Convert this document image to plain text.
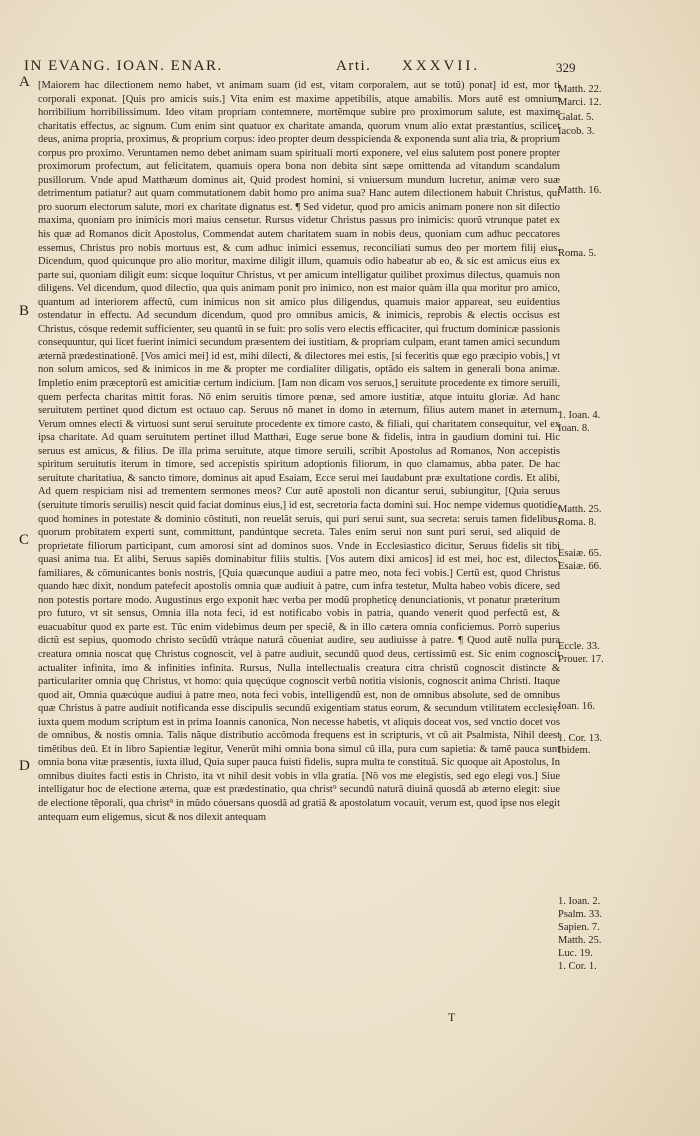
IN EVANG. IOAN. ENAR.	Arti. XXXVII.	329
A
B
C
D

[Maiorem hac dilectionem nemo habet, vt animam suam (id est, vitam corporalem, aut se totũ) ponat] id est, mor ti corporali exponat. [Quis pro amicis suis.] Vita enim est maxime appetibilis, atque amabilis. Mors autẽ est omnium horribilium horribilissimum. Ideo vitam propriam contemnere, mortẽmque subire pro proximorum salute, est maxime charitatis effectus, ac signum. Cum enim sint quatuor ex charitate amanda, quorum vnum alio extat præstantius, scilicet deus, anima propria, proximus, & proprium corpus: ideo propter deum desspicienda & exponenda sunt alia tria, & proprium corpus pro proximo. Veruntamen nemo debet animam suam spirituali morti exponere, vel eius salutem post ponere propter proximorum profectum, aut felicitatem, quamuis opera bona non debita sint sæpe omittenda ad vitandum scandalum pusillorum. Vnde apud Matthæum dominus ait, Quid prodest homini, si vniuersum mundum lucretur, animæ vero suæ detrimentum patiatur? aut quam commutationem dabit homo pro anima sua? Hanc autem dilectionem habuit Christus, qui pro suorum electorum salute, mori ex charitate dignatus est. ¶ Sed videtur, quod pro amicis animam ponere non sit dilectio maxima, quoniam pro inimicis mori maius censetur. Rursus videtur Christus passus pro inimicis: quorũ vtrunque patet ex his quæ ad Romanos dicit Apostolus, Commendat autem charitatem suam in nobis deus, quoniam cum adhuc peccatores essemus, Christus pro nobis mortuus est, & cum adhuc inimici essemus, reconciliati sumus deo per mortem filij eius. Dicendum, quod quicunque pro alio moritur, maxime diligit illum, quamuis odio habeatur ab eo, & sic est amicus eius ex parte sui, quoniam diligit eum: sicque loquitur Christus, vt per amicum intelligatur quilibet proximus dilectus, quamuis non diligens. Vel dicendum, quod dilectio, qua quis animam ponit pro inimico, non est maior quàm illa qua moritur pro amico, quantum ad interiorem affectũ, cum inimicus non sit amico plus diligendus, quamuis maior appareat, seu euidentius ostendatur in effectu. Ad secundum dicendum, quod pro omnibus amicis, & inimicis, reprobis & electis occisus est Christus, cósque redemit sufficienter, seu quantũ in se fuit: pro solis vero electis efficaciter, qui fructum dominicæ passionis consequuntur, qui licet fuerint inimici secundum præsentem dei iustitiam, & propriam culpam, erant tamen amici secundum æternã prædestinationẽ. [Vos amici mei] id est, mihi dilecti, & dilectores mei estis, [si feceritis quæ ego præcipio vobis,] vt non solum amicos, sed & inimicos in me & propter me cordialiter diligatis, optãdo eis saltem in generali bona animæ. Impletio enim præceptorũ est amicitiæ certum indicium. [Iam non dicam vos seruos,] seruitute procedente ex timore seruili, quem perfecta charitas mittit foras. Nõ enim seruitis timore pœnæ, sed amore iustitiæ, atque intuitu gloriæ. Ad hanc seruitutem pertinet quod dictum est octauo cap. Seruus nõ manet in domo in æternum, filius autem manet in æternum. Verum omnes electi & virtuosi sunt serui seruitute procedente ex timore casto, & filiali, qui charitatem consequitur, vel ex ipsa charitate. Ad quam seruitutem pertinet illud Matthæi, Euge serue bone & fidelis, intra in gaudium domini tui. Hic seruus est amicus, & filius. De illa prima seruitute, atque timore seruili, scribit Apostolus ad Romanos, Non accepistis spiritum seruitutis iterum in timore, sed accepistis spiritum adoptionis filiorum, in quo clamamus, abba pater. De hac seruitute charitatiua, & sancto timore, dominus ait apud Esaiam, Ecce serui mei laudabunt præ exultatione cordis. Et alibi, Ad quem respiciam nisi ad trementem sermones meos? Cur autẽ apostoli non dicantur serui, subiungitur, [Quia seruus (seruitute timoris seruilis) nescit quid faciat dominus eius,] id est, secretoria facta domini sui. Hoc nempe videmus quotidie, quod homines in potestate & dominio cõstituti, non reuelãt seruis, qui puri serui sunt, sua secreta: seruis tamen fidelibus, quorum probitatem experti sunt, committunt, pandúntque secreta. Tales enim serui non sunt puri serui, sed aliquid de proprietate filiorum participant, cum amorosi sint ad dominos suos. Vnde in Ecclesiastico dicitur, Seruus fidelis sit tibi quasi anima tua. Et alibi, Seruus sapiẽs dominabitur filiis stultis. [Vos autem dixi amicos] id est mei, hoc est, dilectos, familiares, & cõmunicantes bonis nostris, [Quia quæcunque audiui a patre meo, nota feci vobis.] Certũ est, quod Christus quando hæc dixit, nondum patefecit apostolis omnia quæ audiuit à patre, cum infra testetur, Multa habeo vobis dicere, sed non potestis portare modo. Augustinus ergo exponit hæc verba per modũ propheticę denunciationis, vt ponatur præteritum pro futuro, vt sit sensus, Omnia illa nota feci, id est notificabo vobis in patria, quando venerit quod perfectũ est, & euacuabitur quod ex parte est. Tũc enim videbimus deum per speciẽ, & in illo cætera omnia conficiemus. Porrò superius dictũ est sepius, quomodo christo secũdũ vtràque naturã cõueniat audire, seu audiuisse à patre. ¶ Quod autẽ nulla pura creatura omnia noscat quę Christus cognoscit, vel à patre audiuit, secundũ quod deus, certissimũ est. Sic enim cognoscit actualiter infinita, imo & infinities infinita. Rursus, Nulla intellectualis creatura citra christũ cognoscit distincte & particulariter omnia quę Christus, vt homo: quia quęcúque cognoscit verbũ notitia visionis, cognoscit anima Christi. Itaque quod ait, Omnia quæcúque audiui à patre meo, nota feci vobis, intelligendũ est, non de omnibus absolute, sed de omnibus quæ Christus à patre audiuit notificanda esse discipulis secundũ exigentiam status eorum, & secundum vtilitatem ecclesię: iuxta quem modum scriptum est in prima Ioannis canonica, Non necesse habetis, vt aliquis doceat vos, sed vnctio docet vos de omnibus, & nostis omnia. Talis nãque distributio accõmoda frequens est in scripturis, vt cũ ait Psalmista, Nihil deest timẽtibus deũ. Et in libro Sapientiæ legitur, Venerũt mihi omnia bona simul cũ illa, pura cum sapietia: & tamẽ pauca sunt omnia bona vitæ præsentis, iuxta illud, Quia super pauca fuisti fidelis, supra multa te constituã. Sic quoque ait Apostolus, In omnibus diuites facti estis in Christo, ita vt nihil desit vobis in vlla gratia. [Nõ vos me elegistis, sed ego elegi vos.] Siue intelligatur hoc de electione æterna, quæ est prædestinatio, qua christ⁹ secundũ naturã diuinã quosdã ab æterno elegit: siue de electione tẽporali, qua christ⁹ in mũdo cóuersans quosdã ad gratiã & apostolatum vocauit, verum est, quod ipse nos elegit antequam eum eligemus, sicut & nos dilexit antequam

Matth. 22.
Marci. 12.
Galat. 5.
Iacob. 3.
Matth. 16.
Roma. 5.
1. Ioan. 4.
Ioan. 8.
Matth. 25.
Roma. 8.
Esaiæ. 65.
Esaiæ. 66.
Eccle. 33.
Prouer. 17.
Ioan. 16.
1. Cor. 13.
Ibidem.
1. Ioan. 2.
Psalm. 33.
Sapien. 7.
Matth. 25.
Luc. 19.
1. Cor. 1.
T
